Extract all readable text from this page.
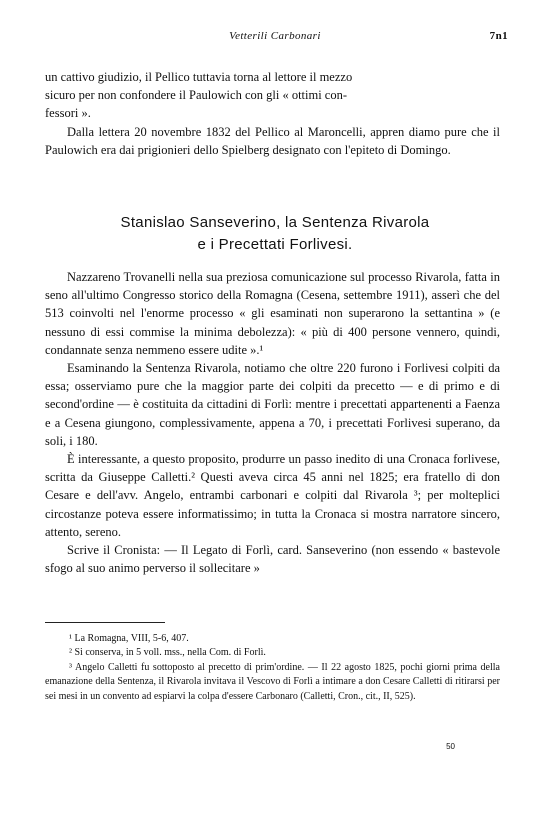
Vetterili Carbonari	7n1

un cattivo giudizio, il Pellico tuttavia torna al lettore il mezzo

sicuro per non confondere il Paulowich con gli « ottimi con-

fessori ».

Dalla lettera 20 novembre 1832 del Pellico al Maroncelli, appren diamo pure che il Paulowich era dai prigionieri dello Spielberg designato con l'epiteto di Domingo.

Stanislao Sanseverino, la Sentenza Rivarola
e i Precettati Forlivesi.

Nazzareno Trovanelli nella sua preziosa comunicazione sul processo Rivarola, fatta in seno all'ultimo Congresso storico della Romagna (Cesena, settembre 1911), asserì che del 513 coinvolti nel l'enorme processo « gli esaminati non superarono la settantina » (e nessuno di essi commise la minima debolezza): « più di 400 persone vennero, quindi, condannate senza nemmeno essere udite ».¹

Esaminando la Sentenza Rivarola, notiamo che oltre 220 furono i Forlivesi colpiti da essa; osserviamo pure che la maggior parte dei colpiti da precetto — e di primo e di second'ordine — è costituita da cittadini di Forlì: mentre i precettati appartenenti a Faenza e a Cesena giungono, complessivamente, appena a 70, i precettati Forlivesi superano, da soli, i 180.

È interessante, a questo proposito, produrre un passo inedito di una Cronaca forlivese, scritta da Giuseppe Calletti.² Questi aveva circa 45 anni nel 1825; era fratello di don Cesare e dell'avv. Angelo, entrambi carbonari e colpiti dal Rivarola ³; per molteplici circostanze poteva essere informatissimo; in tutta la Cronaca si mostra narratore sincero, attento, sereno.

Scrive il Cronista: — Il Legato di Forlì, card. Sanseverino (non essendo « bastevole sfogo al suo animo perverso il sollecitare »

¹ La Romagna, VIII, 5-6, 407.

² Si conserva, in 5 voll. mss., nella Com. di Forlì.

³ Angelo Calletti fu sottoposto al precetto di prim'ordine. — Il 22 agosto 1825, pochi giorni prima della emanazione della Sentenza, il Rivarola invitava il Vescovo di Forlì a intimare a don Cesare Calletti di ritirarsi per sei mesi in un convento ad espiarvi la colpa d'essere Carbonaro (Calletti, Cron., cit., II, 525).

50
